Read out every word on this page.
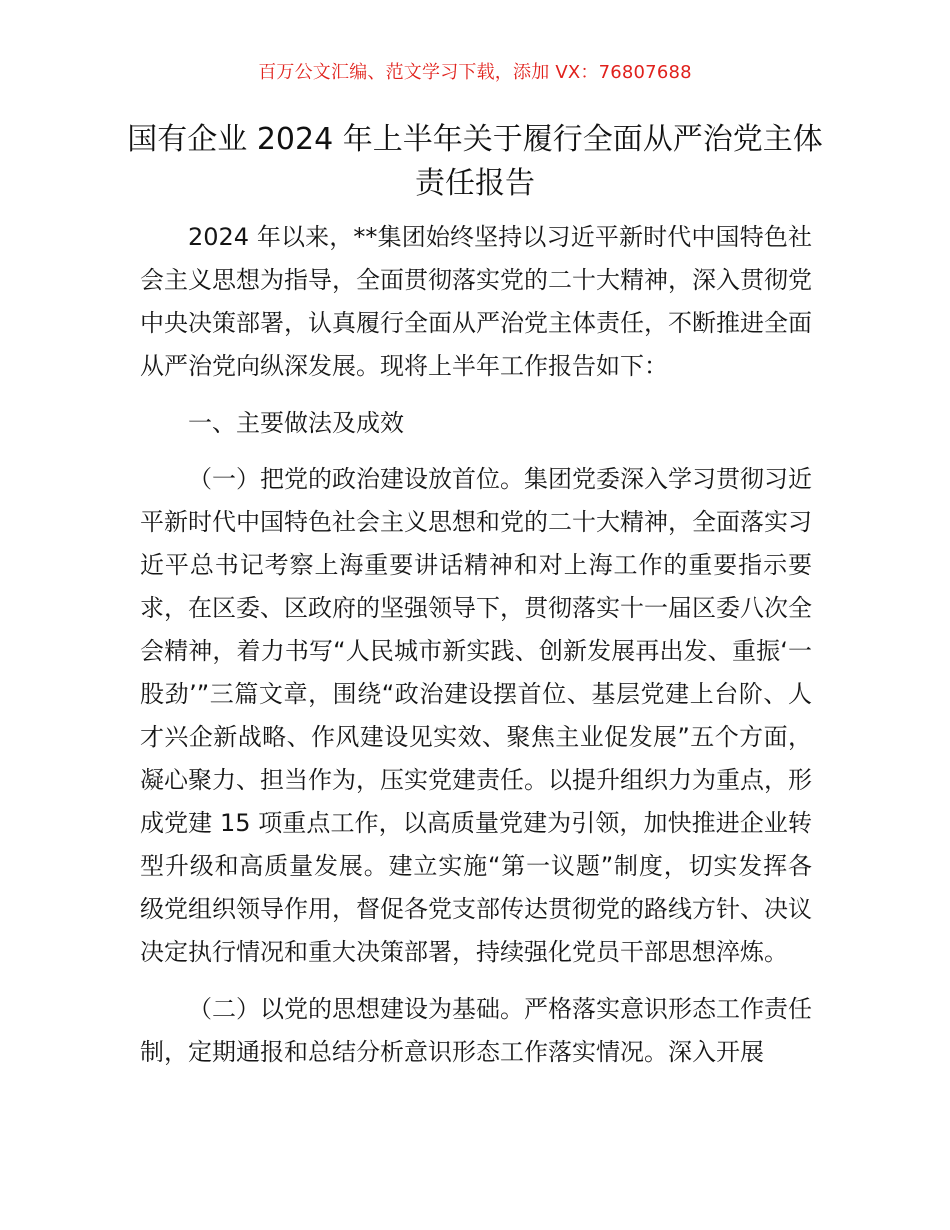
百万公文汇编、范文学习下载，添加 VX：76807688
国有企业 2024 年上半年关于履行全面从严治党主体责任报告

2024 年以来，**集团始终坚持以习近平新时代中国特色社会主义思想为指导，全面贯彻落实党的二十大精神，深入贯彻党中央决策部署，认真履行全面从严治党主体责任，不断推进全面从严治党向纵深发展。现将上半年工作报告如下：

一、主要做法及成效

（一）把党的政治建设放首位。集团党委深入学习贯彻习近平新时代中国特色社会主义思想和党的二十大精神，全面落实习近平总书记考察上海重要讲话精神和对上海工作的重要指示要求，在区委、区政府的坚强领导下，贯彻落实十一届区委八次全会精神，着力书写“人民城市新实践、创新发展再出发、重振‘一股劲’”三篇文章，围绕“政治建设摆首位、基层党建上台阶、人才兴企新战略、作风建设见实效、聚焦主业促发展”五个方面，凝心聚力、担当作为，压实党建责任。以提升组织力为重点，形成党建 15 项重点工作，以高质量党建为引领，加快推进企业转型升级和高质量发展。建立实施“第一议题”制度，切实发挥各级党组织领导作用，督促各党支部传达贯彻党的路线方针、决议决定执行情况和重大决策部署，持续强化党员干部思想淬炼。

（二）以党的思想建设为基础。严格落实意识形态工作责任制，定期通报和总结分析意识形态工作落实情况。深入开展
